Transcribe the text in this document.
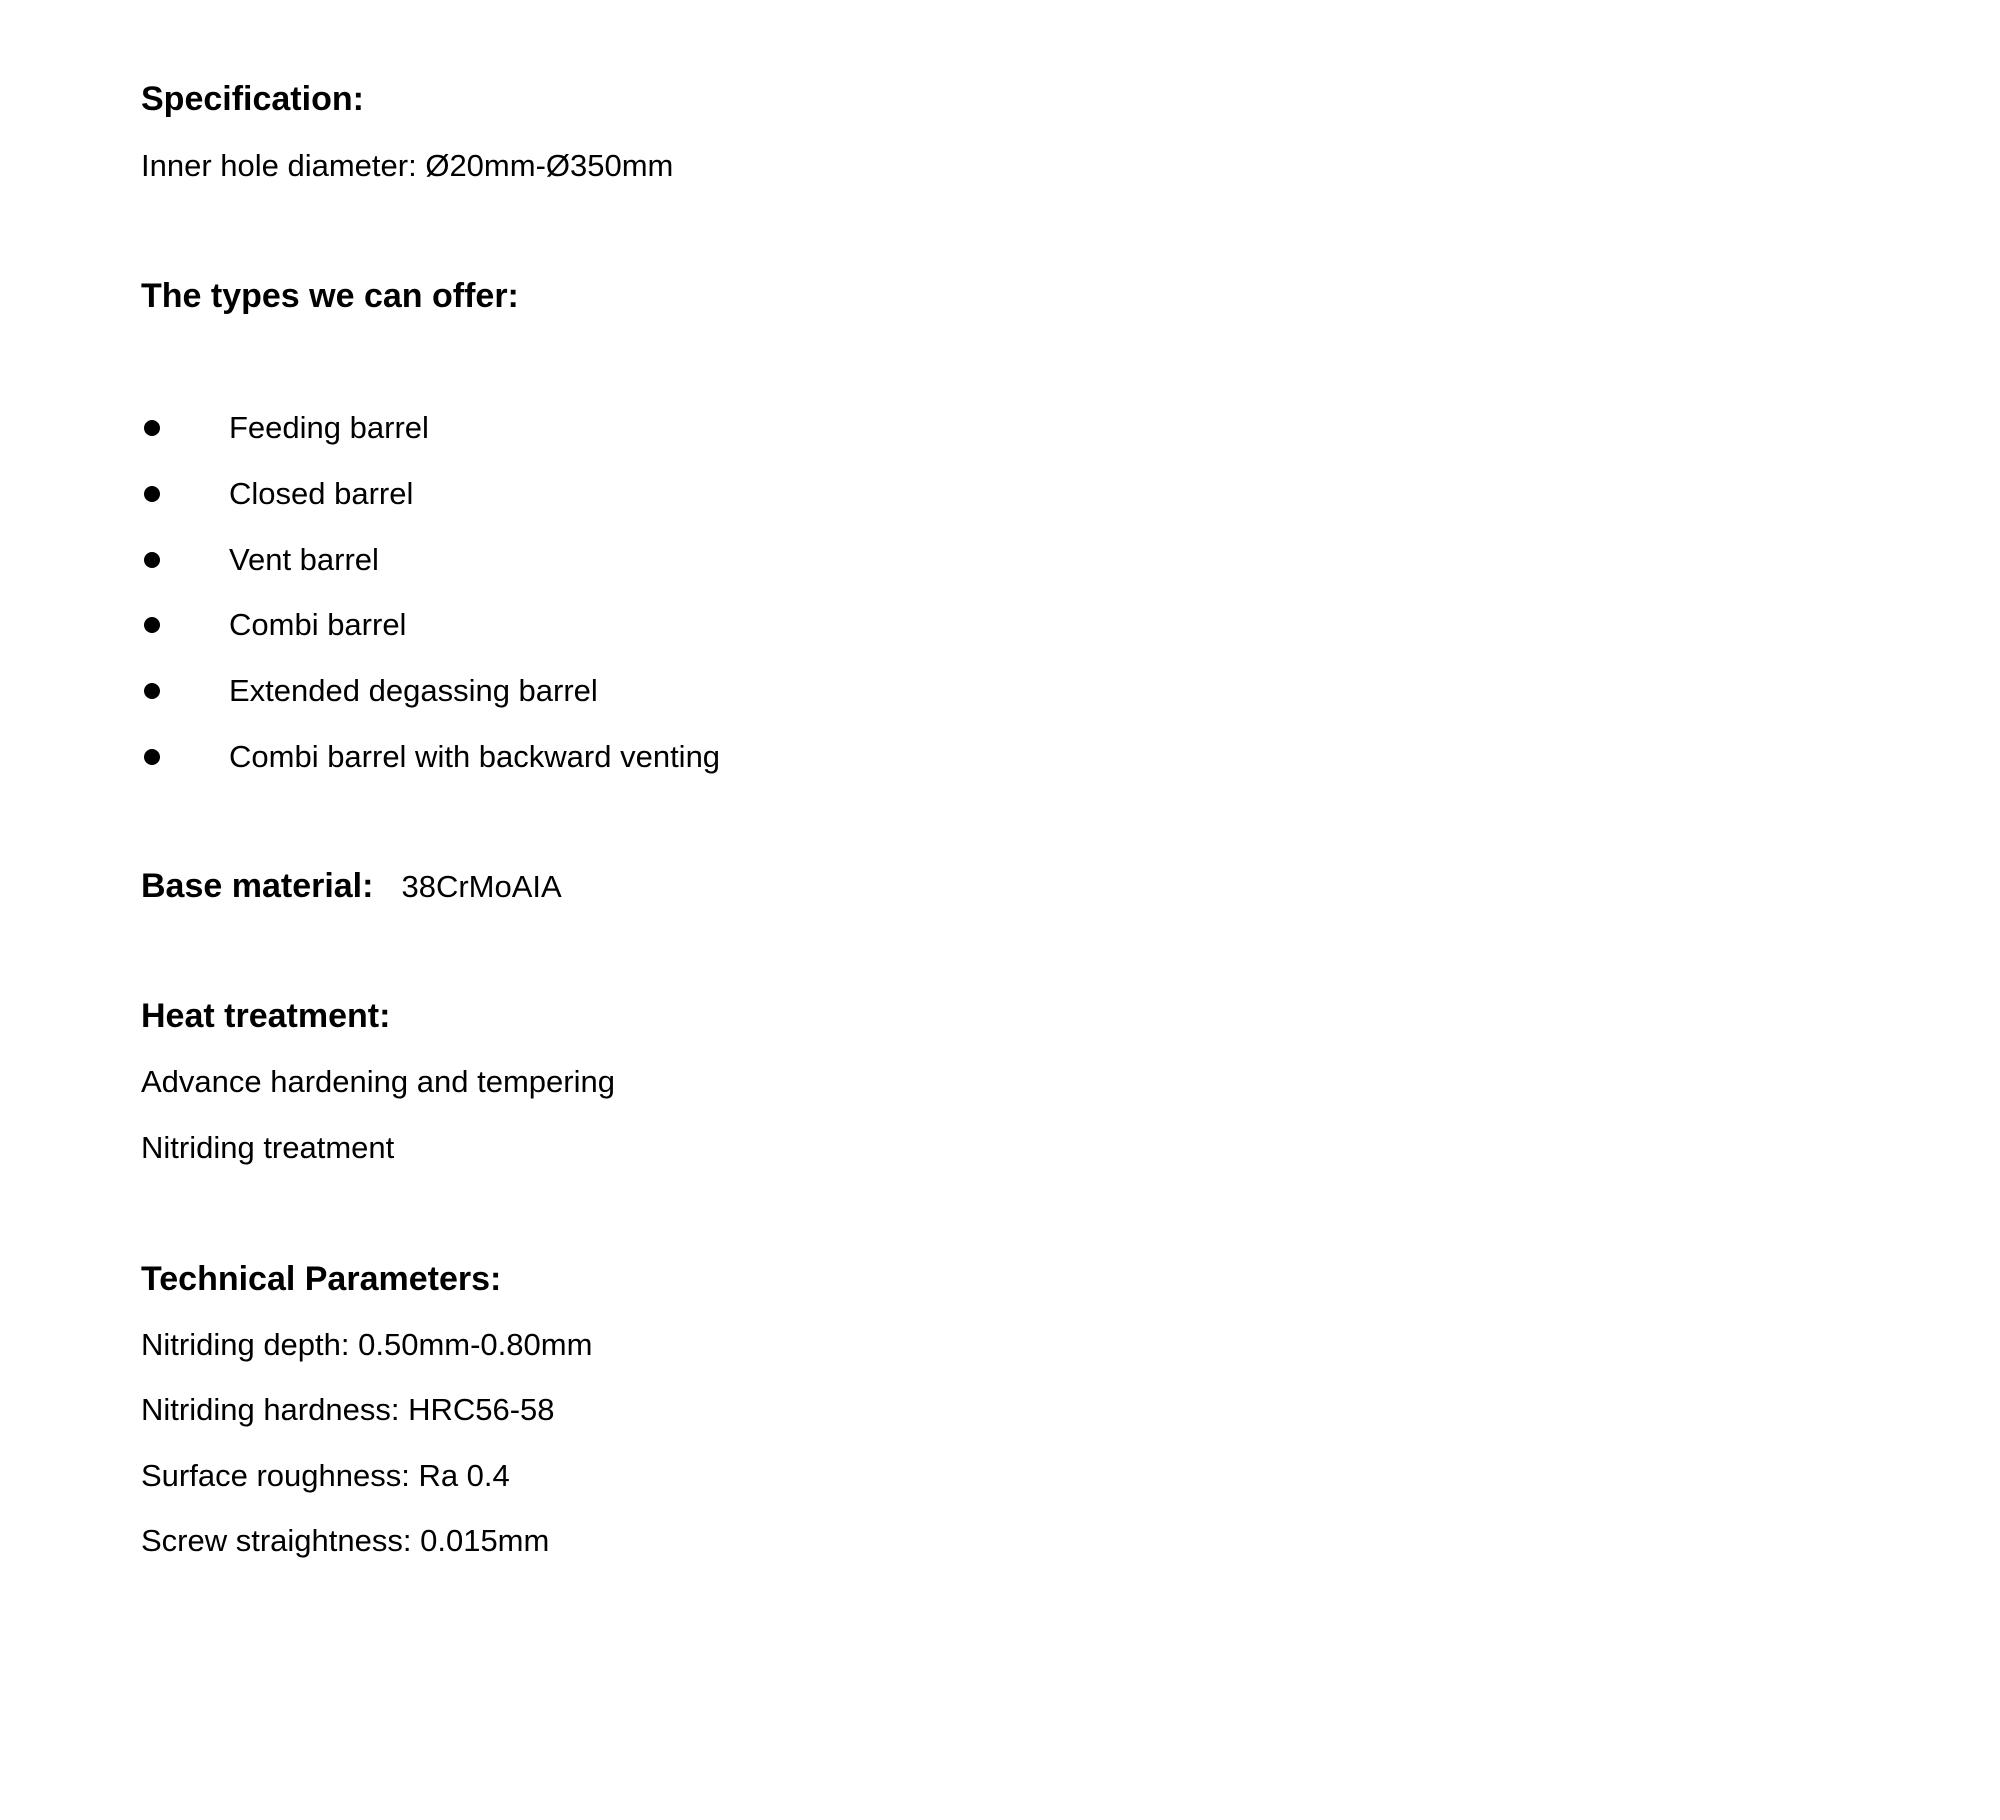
Specification:
Inner hole diameter: Ø20mm-Ø350mm
The types we can offer:
Feeding barrel
Closed barrel
Vent barrel
Combi barrel
Extended degassing barrel
Combi barrel with backward venting
Base material: 38CrMoAIA
Heat treatment:
Advance hardening and tempering
Nitriding treatment
Technical Parameters:
Nitriding depth: 0.50mm-0.80mm
Nitriding hardness: HRC56-58
Surface roughness: Ra 0.4
Screw straightness: 0.015mm
